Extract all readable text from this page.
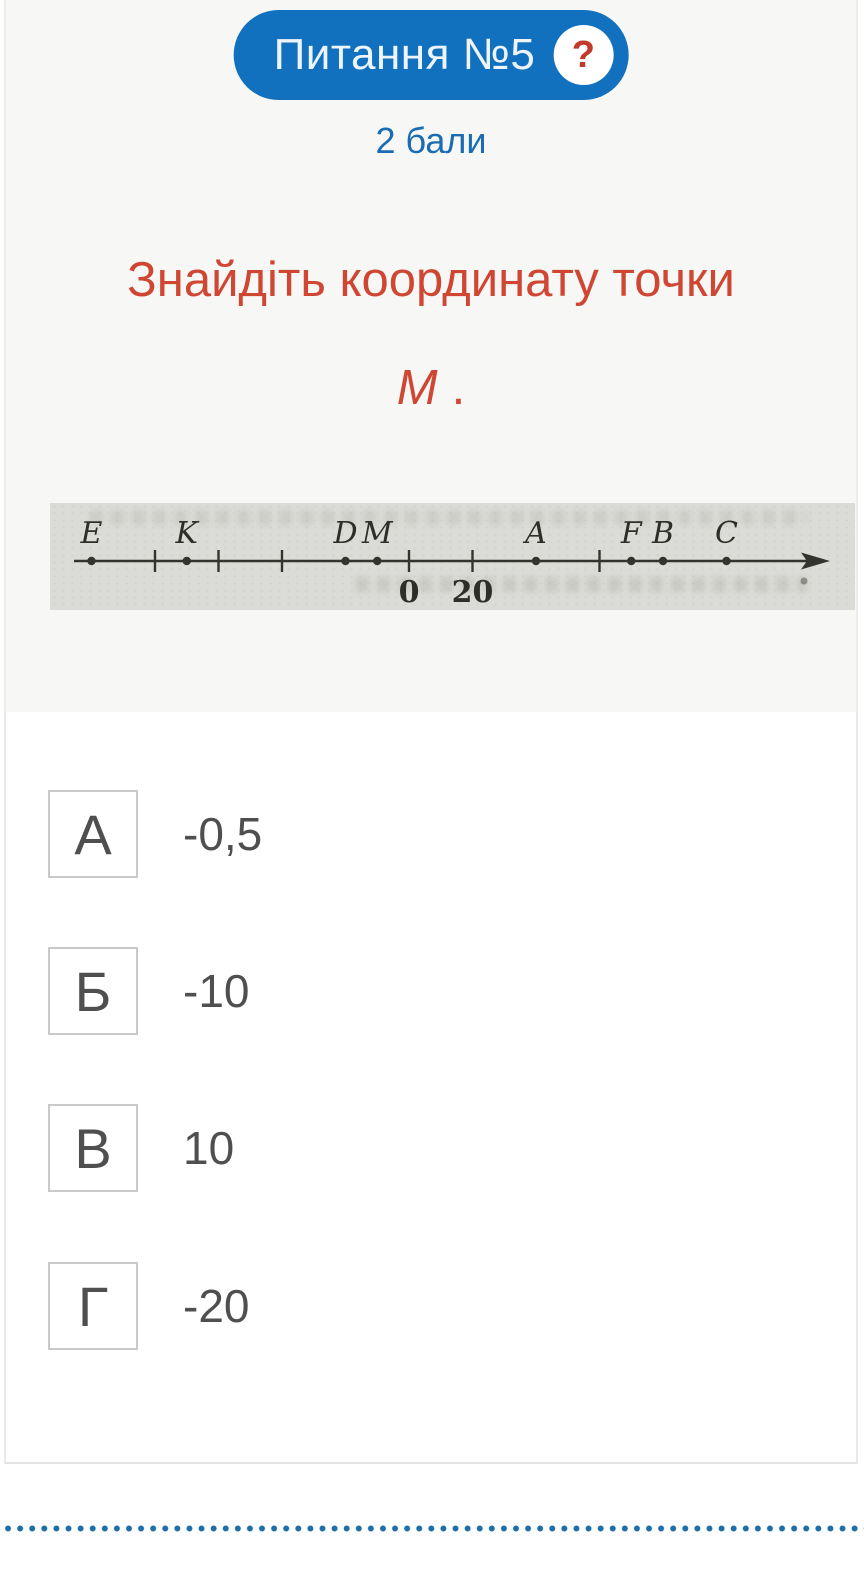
Питання №5 ?
2 бали
Знайдіть координату точки
М .
E K	D M	A F B C
0 20
А -0,5
Б -10
В 10
Г -20
